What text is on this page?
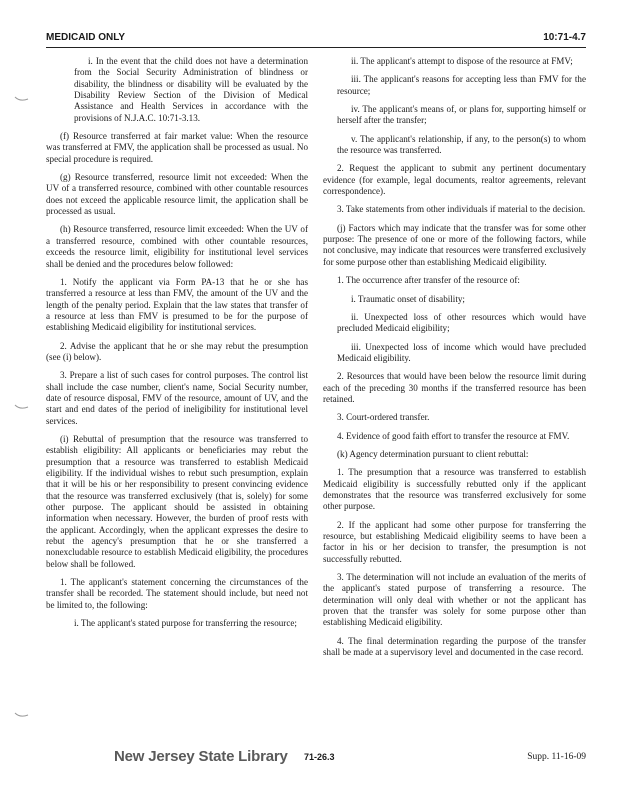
MEDICAID ONLY	10:71-4.7

i. In the event that the child does not have a determination from the Social Security Administration of blindness or disability, the blindness or disability will be evaluated by the Disability Review Section of the Division of Medical Assistance and Health Services in accordance with the provisions of N.J.A.C. 10:71-3.13.

(f) Resource transferred at fair market value: When the resource was transferred at FMV, the application shall be processed as usual. No special procedure is required.

(g) Resource transferred, resource limit not exceeded: When the UV of a transferred resource, combined with other countable resources does not exceed the applicable resource limit, the application shall be processed as usual.

(h) Resource transferred, resource limit exceeded: When the UV of a transferred resource, combined with other countable resources, exceeds the resource limit, eligibility for institutional level services shall be denied and the procedures below followed:

1. Notify the applicant via Form PA-13 that he or she has transferred a resource at less than FMV, the amount of the UV and the length of the penalty period. Explain that the law states that transfer of a resource at less than FMV is presumed to be for the purpose of establishing Medicaid eligibility for institutional services.

2. Advise the applicant that he or she may rebut the presumption (see (i) below).

3. Prepare a list of such cases for control purposes. The control list shall include the case number, client's name, Social Security number, date of resource disposal, FMV of the resource, amount of UV, and the start and end dates of the period of ineligibility for institutional level services.

(i) Rebuttal of presumption that the resource was transferred to establish eligibility: All applicants or beneficiaries may rebut the presumption that a resource was transferred to establish Medicaid eligibility. If the individual wishes to rebut such presumption, explain that it will be his or her responsibility to present convincing evidence that the resource was transferred exclusively (that is, solely) for some other purpose. The applicant should be assisted in obtaining information when necessary. However, the burden of proof rests with the applicant. Accordingly, when the applicant expresses the desire to rebut the agency's presumption that he or she transferred a nonexcludable resource to establish Medicaid eligibility, the procedures below shall be followed.

1. The applicant's statement concerning the circumstances of the transfer shall be recorded. The statement should include, but need not be limited to, the following:

i. The applicant's stated purpose for transferring the resource;

ii. The applicant's attempt to dispose of the resource at FMV;

iii. The applicant's reasons for accepting less than FMV for the resource;

iv. The applicant's means of, or plans for, supporting himself or herself after the transfer;

v. The applicant's relationship, if any, to the person(s) to whom the resource was transferred.

2. Request the applicant to submit any pertinent documentary evidence (for example, legal documents, realtor agreements, relevant correspondence).

3. Take statements from other individuals if material to the decision.

(j) Factors which may indicate that the transfer was for some other purpose: The presence of one or more of the following factors, while not conclusive, may indicate that resources were transferred exclusively for some purpose other than establishing Medicaid eligibility.

1. The occurrence after transfer of the resource of:

i. Traumatic onset of disability;

ii. Unexpected loss of other resources which would have precluded Medicaid eligibility;

iii. Unexpected loss of income which would have precluded Medicaid eligibility.

2. Resources that would have been below the resource limit during each of the preceding 30 months if the transferred resource has been retained.

3. Court-ordered transfer.

4. Evidence of good faith effort to transfer the resource at FMV.

(k) Agency determination pursuant to client rebuttal:

1. The presumption that a resource was transferred to establish Medicaid eligibility is successfully rebutted only if the applicant demonstrates that the resource was transferred exclusively for some other purpose.

2. If the applicant had some other purpose for transferring the resource, but establishing Medicaid eligibility seems to have been a factor in his or her decision to transfer, the presumption is not successfully rebutted.

3. The determination will not include an evaluation of the merits of the applicant's stated purpose of transferring a resource. The determination will only deal with whether or not the applicant has proven that the transfer was solely for some purpose other than establishing Medicaid eligibility.

4. The final determination regarding the purpose of the transfer shall be made at a supervisory level and documented in the case record.

New Jersey State Library 71-26.3	Supp. 11-16-09
